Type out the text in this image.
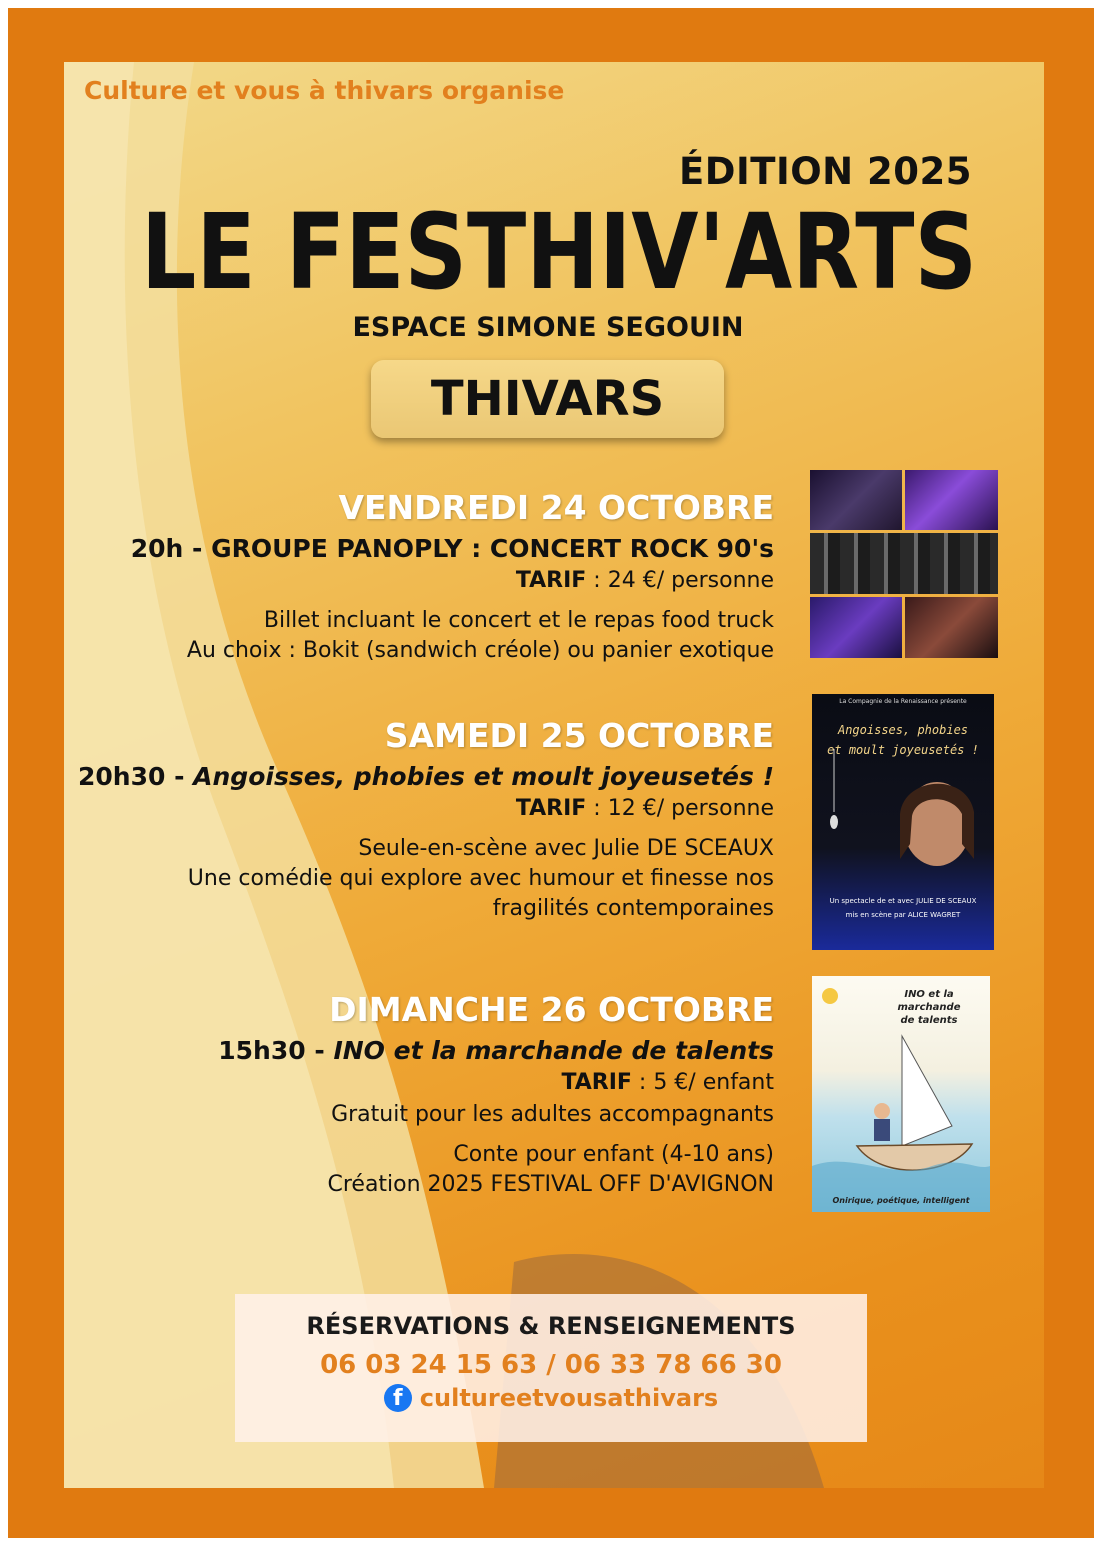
Culture et vous à thivars organise
ÉDITION 2025
LE FESTHIV'ARTS
ESPACE SIMONE SEGOUIN
THIVARS
VENDREDI 24 OCTOBRE
20h - GROUPE PANOPLY : CONCERT ROCK 90's
TARIF : 24 €/ personne
Billet incluant le concert et le repas food truck
Au choix : Bokit (sandwich créole) ou panier exotique
SAMEDI 25 OCTOBRE
20h30 - Angoisses, phobies et moult joyeusetés !
TARIF : 12 €/ personne
Seule-en-scène avec Julie DE SCEAUX
Une comédie qui explore avec humour et finesse nos
fragilités contemporaines
DIMANCHE 26 OCTOBRE
15h30 - INO et la marchande de talents
TARIF : 5 €/ enfant
Gratuit pour les adultes accompagnants
Conte pour enfant (4-10 ans)
Création 2025 FESTIVAL OFF D'AVIGNON
La Compagnie de la Renaissance présente
Angoisses, phobies
et moult joyeusetés !
Un spectacle de et avec JULIE DE SCEAUX
mis en scène par ALICE WAGRET
INO et la marchande
de talents
Onirique, poétique, intelligent
RÉSERVATIONS & RENSEIGNEMENTS
06 03 24 15 63 / 06 33 78 66 30
f cultureetvousathivars
